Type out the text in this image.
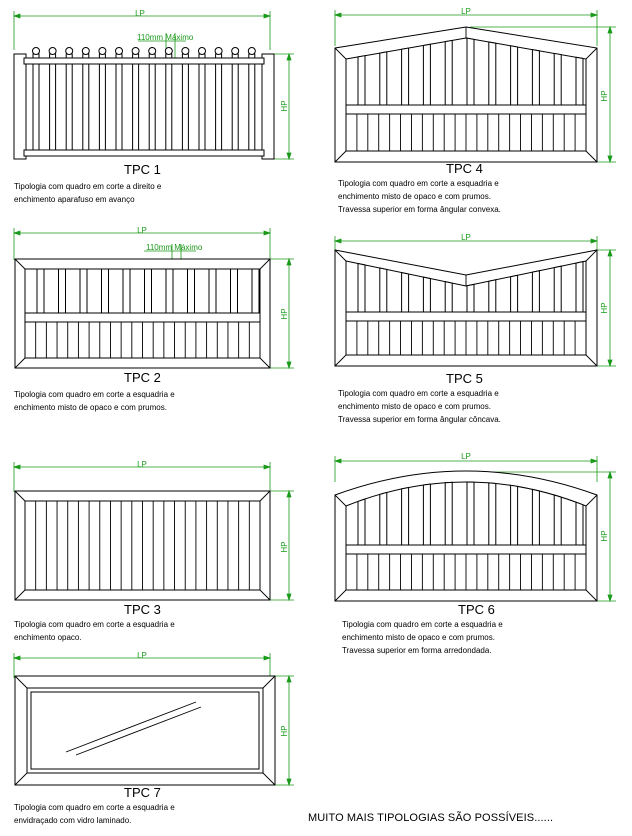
LP
HP
110mm Máximo
LP
HP
110mm Máximo
LP
HP
LP
HP
LP
HP
LP
HP
LP
HP
TPC 1
Tipologia com quadro em corte a direito e
enchimento aparafuso em avanço
TPC 2
Tipologia com quadro em corte a esquadria e
enchimento misto de opaco e com prumos.
TPC 3
Tipologia com quadro em corte a esquadria e
enchimento opaco.
TPC 7
Tipologia com quadro em corte a esquadria e
envidraçado com vidro laminado.
TPC 4
Tipologia com quadro em corte a esquadria e
enchimento misto de opaco e com prumos.
Travessa superior em forma ângular convexa.
TPC 5
Tipologia com quadro em corte a esquadria e
enchimento misto de opaco e com prumos.
Travessa superior em forma ângular côncava.
TPC 6
Tipologia com quadro em corte a esquadria e
enchimento misto de opaco e com prumos.
Travessa superior em forma arredondada.
MUITO MAIS TIPOLOGIAS SÃO POSSÍVEIS......
